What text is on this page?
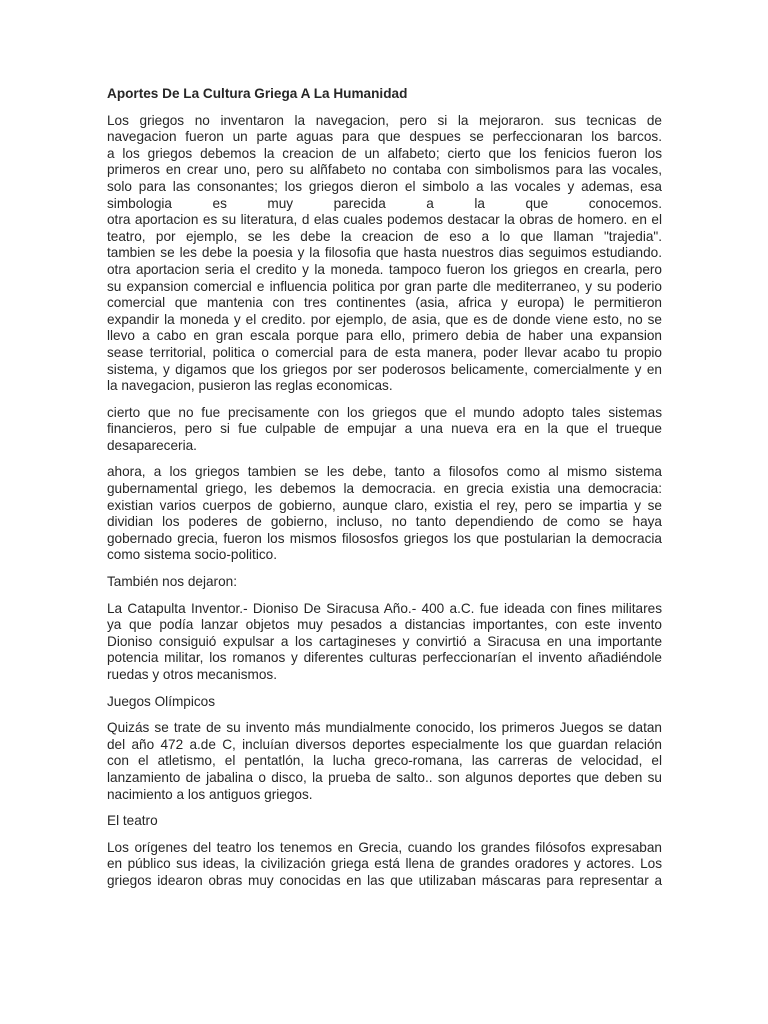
Aportes De La Cultura Griega A La Humanidad
Los griegos no inventaron la navegacion, pero si la mejoraron. sus tecnicas de
navegacion fueron un parte aguas para que despues se perfeccionaran los barcos.
a los griegos debemos la creacion de un alfabeto; cierto que los fenicios fueron los
primeros en crear uno, pero su alñfabeto no contaba con simbolismos para las vocales,
solo para las consonantes; los griegos dieron el simbolo a las vocales y ademas, esa
simbologia es muy parecida a la que conocemos.
otra aportacion es su literatura, d elas cuales podemos destacar la obras de homero. en el
teatro, por ejemplo, se les debe la creacion de eso a lo que llaman "trajedia".
tambien se les debe la poesia y la filosofia que hasta nuestros dias seguimos estudiando.
otra aportacion seria el credito y la moneda. tampoco fueron los griegos en crearla, pero
su expansion comercial e influencia politica por gran parte dle mediterraneo, y su poderio
comercial que mantenia con tres continentes (asia, africa y europa) le permitieron
expandir la moneda y el credito. por ejemplo, de asia, que es de donde viene esto, no se
llevo a cabo en gran escala porque para ello, primero debia de haber una expansion
sease territorial, politica o comercial para de esta manera, poder llevar acabo tu propio
sistema, y digamos que los griegos por ser poderosos belicamente, comercialmente y en
la navegacion, pusieron las reglas economicas.
cierto que no fue precisamente con los griegos que el mundo adopto tales sistemas
financieros, pero si fue culpable de empujar a una nueva era en la que el trueque
desapareceria.
ahora, a los griegos tambien se les debe, tanto a filosofos como al mismo sistema
gubernamental griego, les debemos la democracia. en grecia existia una democracia:
existian varios cuerpos de gobierno, aunque claro, existia el rey, pero se impartia y se
dividian los poderes de gobierno, incluso, no tanto dependiendo de como se haya
gobernado grecia, fueron los mismos filososfos griegos los que postularian la democracia
como sistema socio-politico.
También nos dejaron:
La Catapulta Inventor.- Dioniso De Siracusa Año.- 400 a.C. fue ideada con fines militares
ya que podía lanzar objetos muy pesados a distancias importantes, con este invento
Dioniso consiguió expulsar a los cartagineses y convirtió a Siracusa en una importante
potencia militar, los romanos y diferentes culturas perfeccionarían el invento añadiéndole
ruedas y otros mecanismos.
Juegos Olímpicos
Quizás se trate de su invento más mundialmente conocido, los primeros Juegos se datan
del año 472 a.de C, incluían diversos deportes especialmente los que guardan relación
con el atletismo, el pentatlón, la lucha greco-romana, las carreras de velocidad, el
lanzamiento de jabalina o disco, la prueba de salto.. son algunos deportes que deben su
nacimiento a los antiguos griegos.
El teatro
Los orígenes del teatro los tenemos en Grecia, cuando los grandes filósofos expresaban
en público sus ideas, la civilización griega está llena de grandes oradores y actores. Los
griegos idearon obras muy conocidas en las que utilizaban máscaras para representar a
